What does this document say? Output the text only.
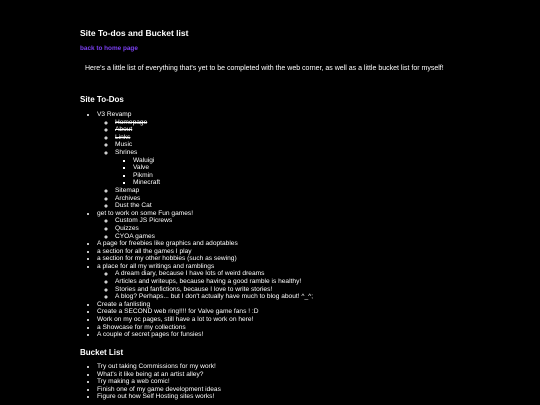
Site To-dos and Bucket list
back to home page

Here's a little list of everything that's yet to be completed with the web corner, as well as a little bucket list for myself!

Site To-Dos
• V3 Revamp
◦ Homepage
◦ About
◦ Links
◦ Music
◦ Shrines
▪ Waluigi
▪ Valve
▪ Pikmin
▪ Minecraft
◦ Sitemap
◦ Archives
◦ Dust the Cat
• get to work on some Fun games!
◦ Custom JS Picrews
◦ Quizzes
◦ CYOA games
• A page for freebies like graphics and adoptables
• a section for all the games I play
• a section for my other hobbies (such as sewing)
• a place for all my writings and ramblings
◦ A dream diary, because I have lots of weird dreams
◦ Articles and writeups, because having a good ramble is healthy!
◦ Stories and fanfictions, because I love to write stories!
◦ A blog? Perhaps... but I don't actually have much to blog about! ^_^;
• Create a fanlisting
• Create a SECOND web ring!!!! for Valve game fans ! :D
• Work on my oc pages, still have a lot to work on here!
• a Showcase for my collections
• A couple of secret pages for funsies!
Bucket List
• Try out taking Commissions for my work!
• What's it like being at an artist alley?
• Try making a web comic!
• Finish one of my game development ideas
• Figure out how Self Hosting sites works!
